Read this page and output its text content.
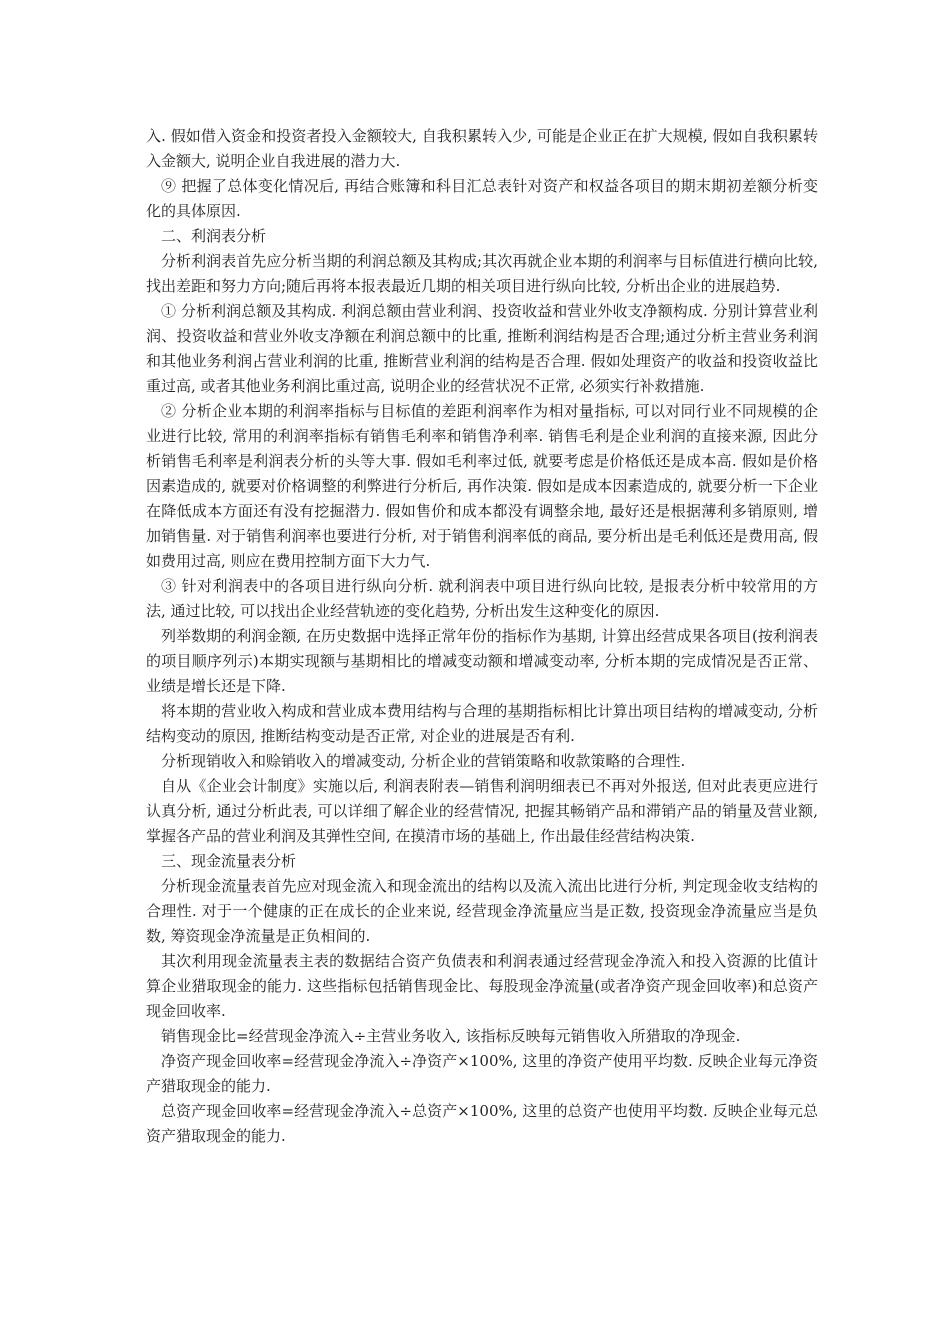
入. 假如借入资金和投资者投入金额较大, 自我积累转入少, 可能是企业正在扩大规模, 假如自我积累转入金额大, 说明企业自我进展的潜力大.

⑨ 把握了总体变化情况后, 再结合账簿和科目汇总表针对资产和权益各项目的期末期初差额分析变化的具体原因.

二、利润表分析

分析利润表首先应分析当期的利润总额及其构成;其次再就企业本期的利润率与目标值进行横向比较, 找出差距和努力方向;随后再将本报表最近几期的相关项目进行纵向比较, 分析出企业的进展趋势.

① 分析利润总额及其构成. 利润总额由营业利润、投资收益和营业外收支净额构成. 分别计算营业利润、投资收益和营业外收支净额在利润总额中的比重, 推断利润结构是否合理;通过分析主营业务利润和其他业务利润占营业利润的比重, 推断营业利润的结构是否合理. 假如处理资产的收益和投资收益比重过高, 或者其他业务利润比重过高, 说明企业的经营状况不正常, 必须实行补救措施.

② 分析企业本期的利润率指标与目标值的差距利润率作为相对量指标, 可以对同行业不同规模的企业进行比较, 常用的利润率指标有销售毛利率和销售净利率. 销售毛利是企业利润的直接来源, 因此分析销售毛利率是利润表分析的头等大事. 假如毛利率过低, 就要考虑是价格低还是成本高. 假如是价格因素造成的, 就要对价格调整的利弊进行分析后, 再作决策. 假如是成本因素造成的, 就要分析一下企业在降低成本方面还有没有挖掘潜力. 假如售价和成本都没有调整余地, 最好还是根据薄利多销原则, 增加销售量. 对于销售利润率也要进行分析, 对于销售利润率低的商品, 要分析出是毛利低还是费用高, 假如费用过高, 则应在费用控制方面下大力气.

③ 针对利润表中的各项目进行纵向分析. 就利润表中项目进行纵向比较, 是报表分析中较常用的方法, 通过比较, 可以找出企业经营轨迹的变化趋势, 分析出发生这种变化的原因.

列举数期的利润金额, 在历史数据中选择正常年份的指标作为基期, 计算出经营成果各项目(按利润表的项目顺序列示)本期实现额与基期相比的增减变动额和增减变动率, 分析本期的完成情况是否正常、业绩是增长还是下降.

将本期的营业收入构成和营业成本费用结构与合理的基期指标相比计算出项目结构的增减变动, 分析结构变动的原因, 推断结构变动是否正常, 对企业的进展是否有利.

分析现销收入和赊销收入的增减变动, 分析企业的营销策略和收款策略的合理性.

自从《企业会计制度》实施以后, 利润表附表—销售利润明细表已不再对外报送, 但对此表更应进行认真分析, 通过分析此表, 可以详细了解企业的经营情况, 把握其畅销产品和滞销产品的销量及营业额, 掌握各产品的营业利润及其弹性空间, 在摸清市场的基础上, 作出最佳经营结构决策.

三、现金流量表分析

分析现金流量表首先应对现金流入和现金流出的结构以及流入流出比进行分析, 判定现金收支结构的合理性. 对于一个健康的正在成长的企业来说, 经营现金净流量应当是正数, 投资现金净流量应当是负数, 筹资现金净流量是正负相间的.

其次利用现金流量表主表的数据结合资产负债表和利润表通过经营现金净流入和投入资源的比值计算企业猎取现金的能力. 这些指标包括销售现金比、每股现金净流量(或者净资产现金回收率)和总资产现金回收率.

销售现金比=经营现金净流入÷主营业务收入, 该指标反映每元销售收入所猎取的净现金.

净资产现金回收率=经营现金净流入÷净资产×100%, 这里的净资产使用平均数. 反映企业每元净资产猎取现金的能力.

总资产现金回收率=经营现金净流入÷总资产×100%, 这里的总资产也使用平均数. 反映企业每元总资产猎取现金的能力.
